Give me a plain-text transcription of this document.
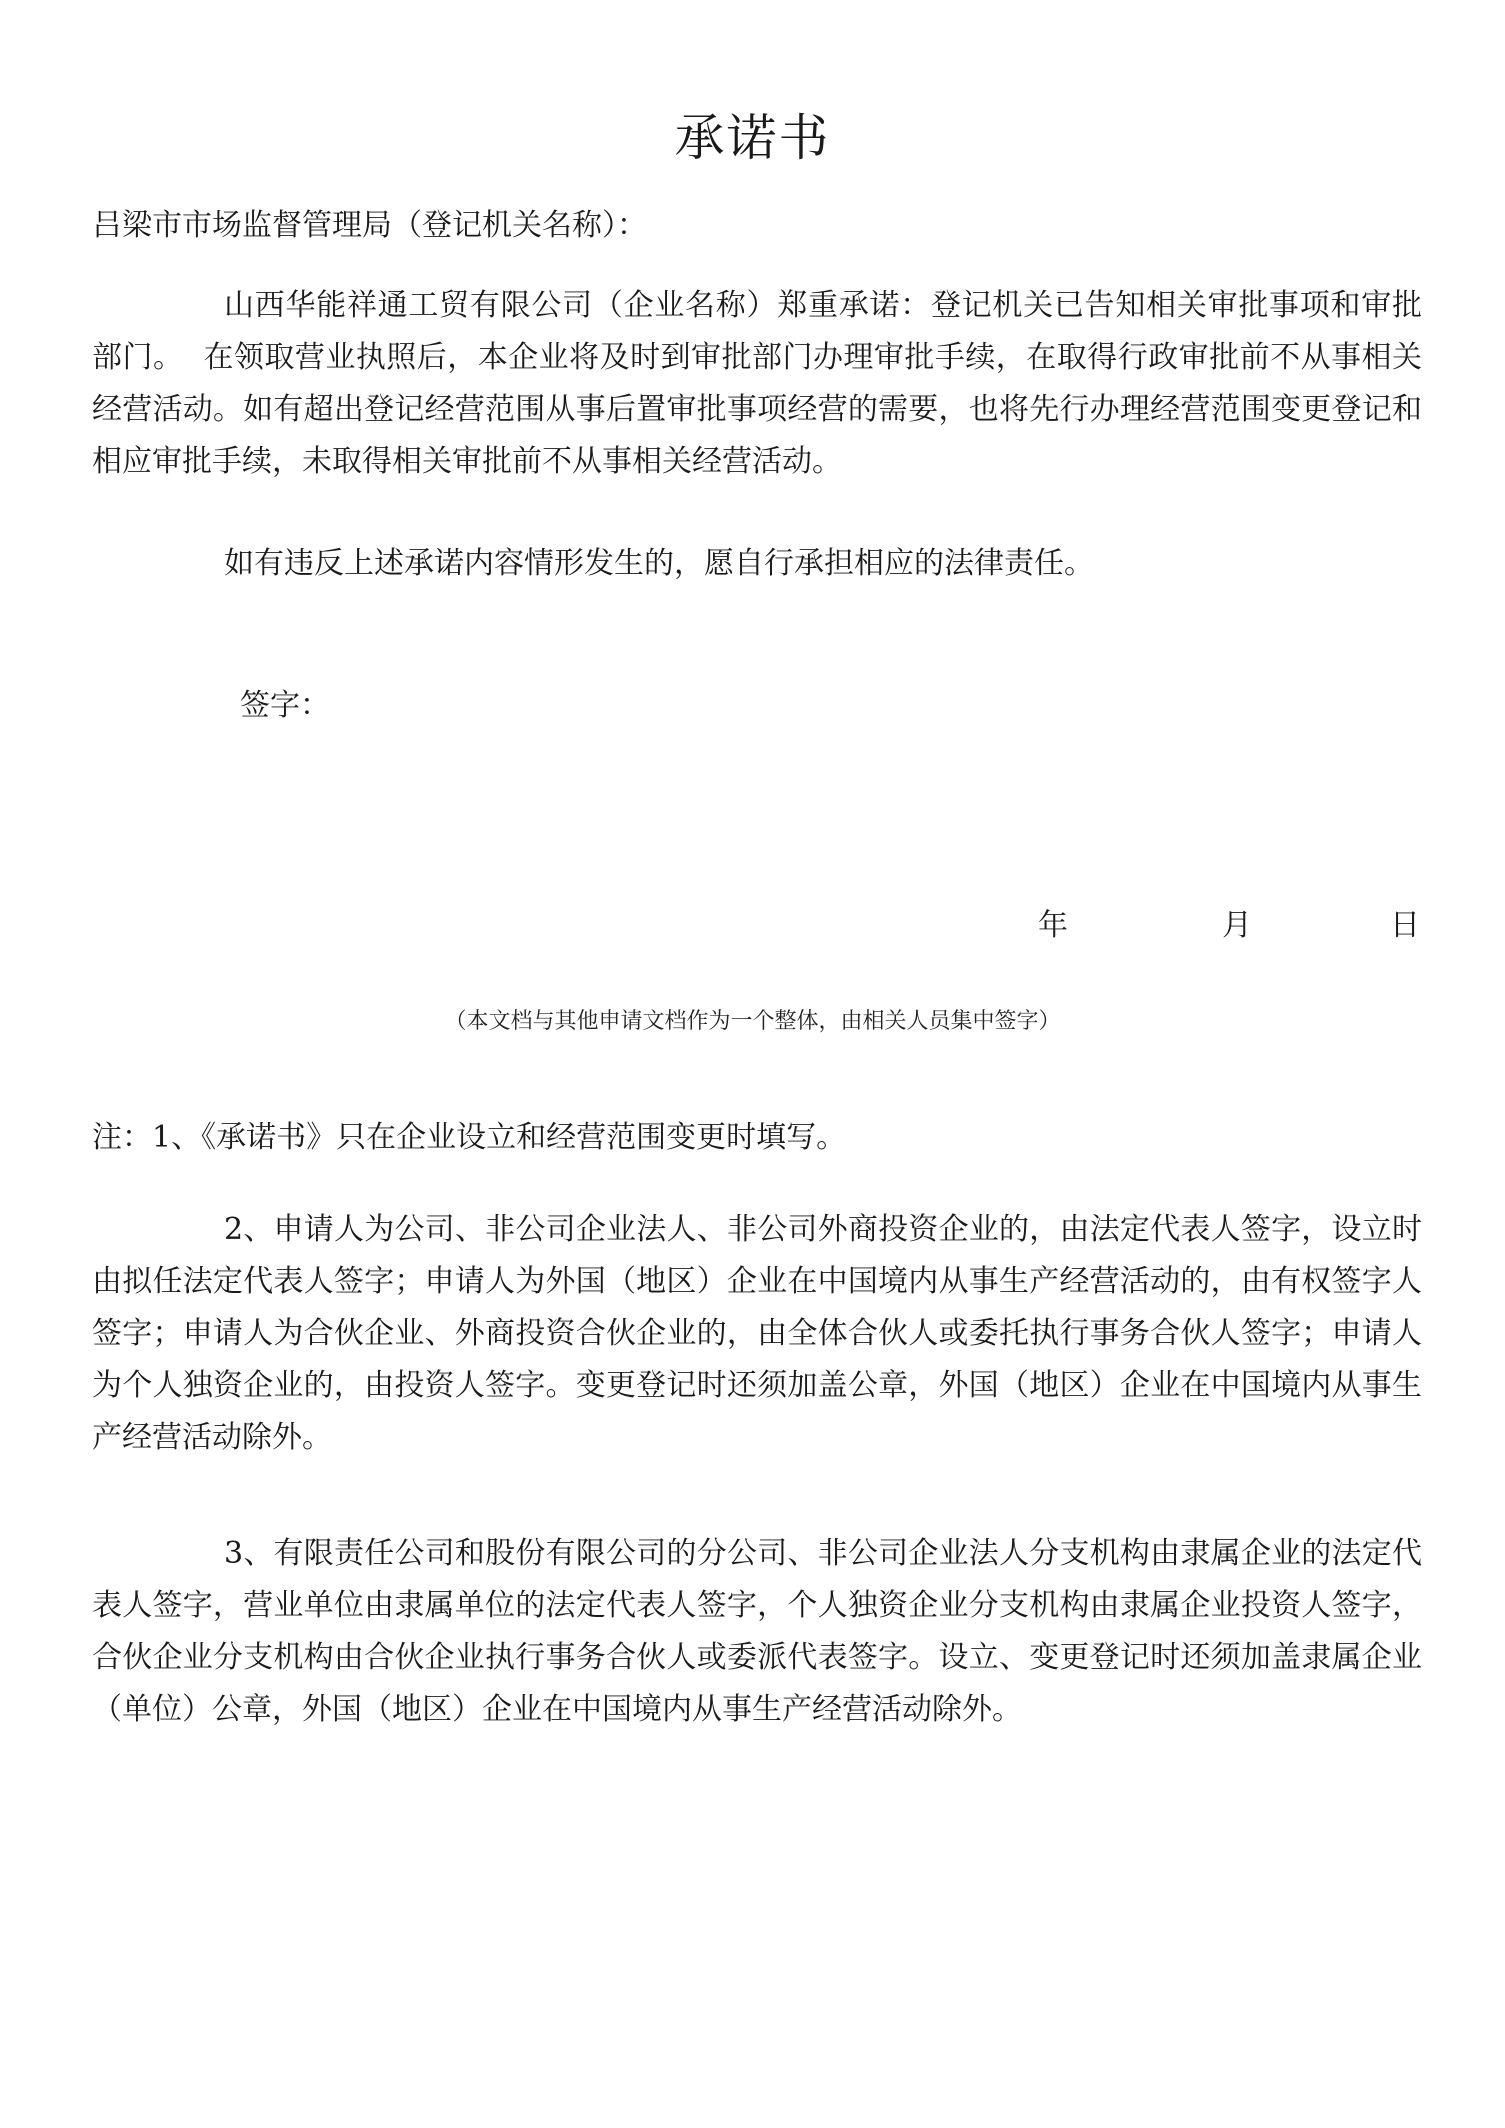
承诺书

吕梁市市场监督管理局（登记机关名称）：

山西华能祥通工贸有限公司（企业名称）郑重承诺：登记机关已告知相关审批事项和审批部门。  在领取营业执照后，本企业将及时到审批部门办理审批手续，在取得行政审批前不从事相关经营活动。如有超出登记经营范围从事后置审批事项经营的需要，也将先行办理经营范围变更登记和相应审批手续，未取得相关审批前不从事相关经营活动。

如有违反上述承诺内容情形发生的，愿自行承担相应的法律责任。

签字：
年	月	日
（本文档与其他申请文档作为一个整体，由相关人员集中签字）

注：1、《承诺书》只在企业设立和经营范围变更时填写。

2、申请人为公司、非公司企业法人、非公司外商投资企业的，由法定代表人签字，设立时由拟任法定代表人签字；申请人为外国（地区）企业在中国境内从事生产经营活动的，由有权签字人签字；申请人为合伙企业、外商投资合伙企业的，由全体合伙人或委托执行事务合伙人签字；申请人为个人独资企业的，由投资人签字。变更登记时还须加盖公章，外国（地区）企业在中国境内从事生产经营活动除外。

3、有限责任公司和股份有限公司的分公司、非公司企业法人分支机构由隶属企业的法定代表人签字，营业单位由隶属单位的法定代表人签字，个人独资企业分支机构由隶属企业投资人签字，合伙企业分支机构由合伙企业执行事务合伙人或委派代表签字。设立、变更登记时还须加盖隶属企业（单位）公章，外国（地区）企业在中国境内从事生产经营活动除外。
